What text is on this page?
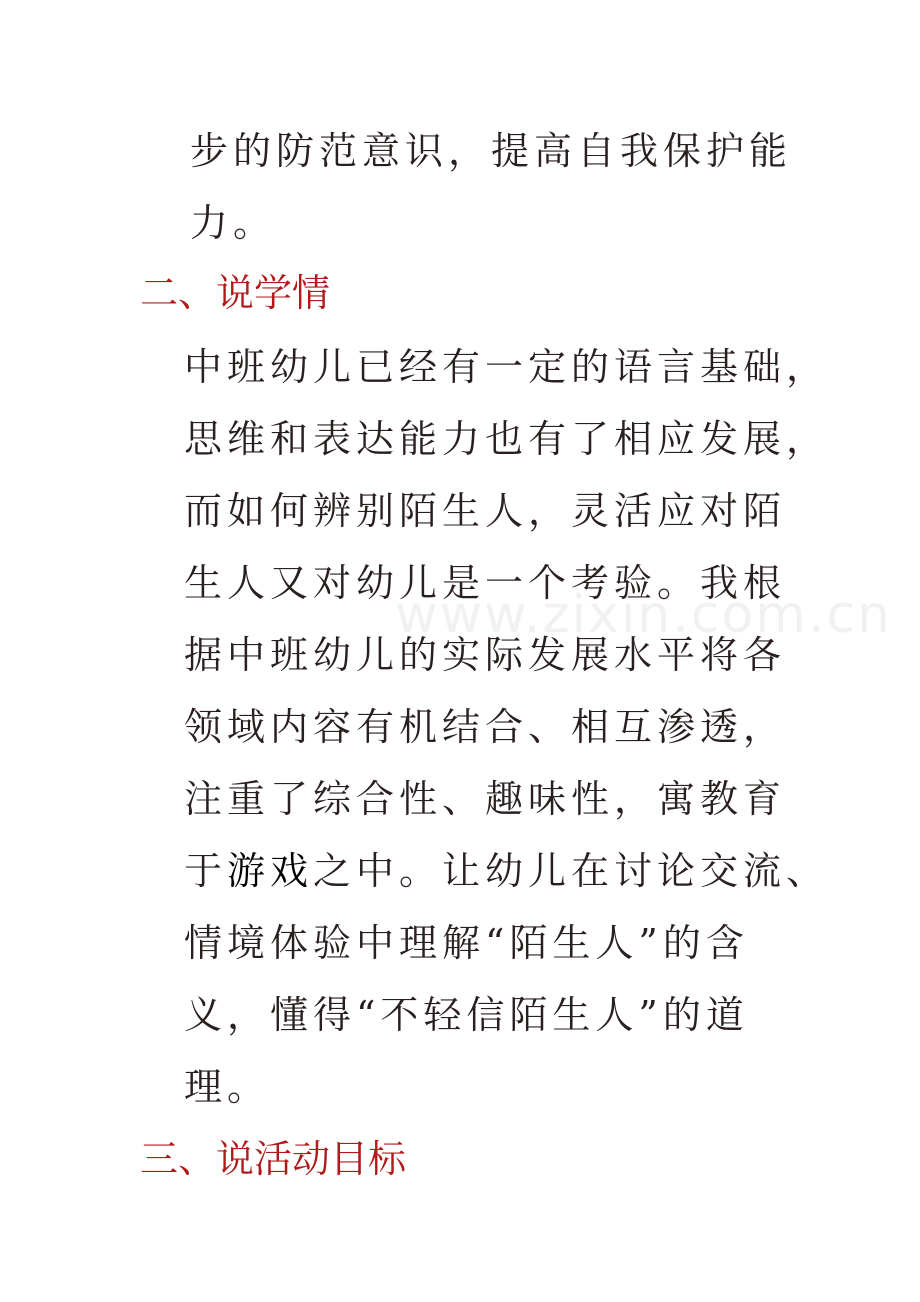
www.zixin.com.cn
步的防范意识，提高自我保护能
力。
二、说学情
中班幼儿已经有一定的语言基础，
思维和表达能力也有了相应发展，
而如何辨别陌生人，灵活应对陌
生人又对幼儿是一个考验。我根
据中班幼儿的实际发展水平将各
领域内容有机结合、相互渗透，
注重了综合性、趣味性，寓教育
于游戏之中。让幼儿在讨论交流、
情境体验中理解“陌生人”的含
义，懂得“不轻信陌生人”的道
理。
三、说活动目标
